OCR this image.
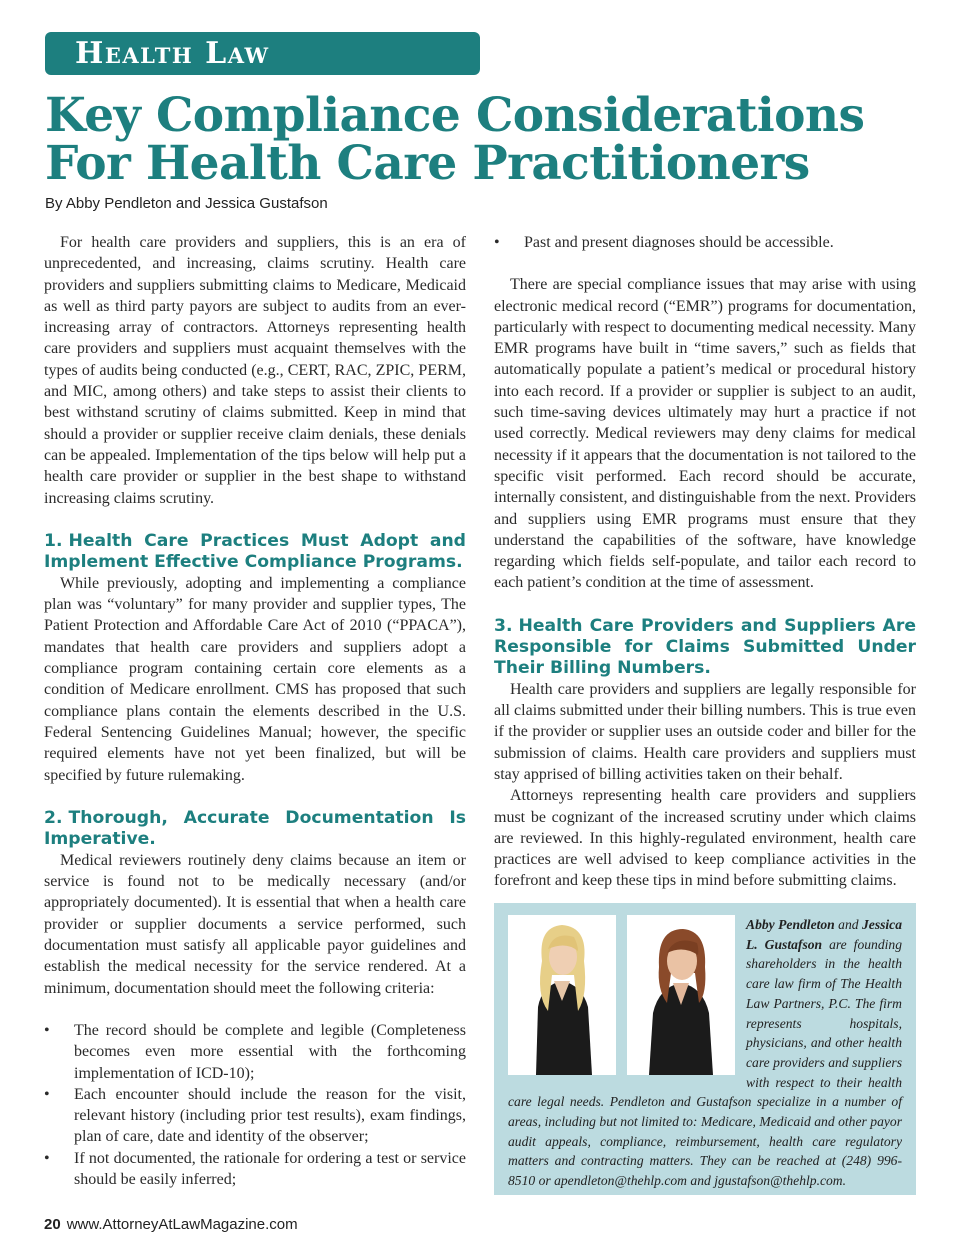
Health Law
Key Compliance Considerations For Health Care Practitioners
By Abby Pendleton and Jessica Gustafson

For health care providers and suppliers, this is an era of unprecedented, and increasing, claims scrutiny. Health care providers and suppliers submitting claims to Medicare, Medicaid as well as third party payors are subject to audits from an ever-increasing array of contractors. Attorneys representing health care providers and suppliers must acquaint themselves with the types of audits being conducted (e.g., CERT, RAC, ZPIC, PERM, and MIC, among others) and take steps to assist their clients to best withstand scrutiny of claims submitted. Keep in mind that should a provider or supplier receive claim denials, these denials can be appealed. Implementation of the tips below will help put a health care provider or supplier in the best shape to withstand increasing claims scrutiny.

1. Health Care Practices Must Adopt and Implement Effective Compliance Programs.

While previously, adopting and implementing a compliance plan was “voluntary” for many provider and supplier types, The Patient Protection and Affordable Care Act of 2010 (“PPACA”), mandates that health care providers and suppliers adopt a compliance program containing certain core elements as a condition of Medicare enrollment. CMS has proposed that such compliance plans contain the elements described in the U.S. Federal Sentencing Guidelines Manual; however, the specific required elements have not yet been finalized, but will be specified by future rulemaking.

2. Thorough, Accurate Documentation Is Imperative.

Medical reviewers routinely deny claims because an item or service is found not to be medically necessary (and/or appropriately documented). It is essential that when a health care provider or supplier documents a service performed, such documentation must satisfy all applicable payor guidelines and establish the medical necessity for the service rendered. At a minimum, documentation should meet the following criteria:

• The record should be complete and legible (Completeness becomes even more essential with the forthcoming implementation of ICD-10);
• Each encounter should include the reason for the visit, relevant history (including prior test results), exam findings, plan of care, date and identity of the observer;
• If not documented, the rationale for ordering a test or service should be easily inferred;
• Past and present diagnoses should be accessible.

There are special compliance issues that may arise with using electronic medical record (“EMR”) programs for documentation, particularly with respect to documenting medical necessity. Many EMR programs have built in “time savers,” such as fields that automatically populate a patient’s medical or procedural history into each record. If a provider or supplier is subject to an audit, such time-saving devices ultimately may hurt a practice if not used correctly. Medical reviewers may deny claims for medical necessity if it appears that the documentation is not tailored to the specific visit performed. Each record should be accurate, internally consistent, and distinguishable from the next. Providers and suppliers using EMR programs must ensure that they understand the capabilities of the software, have knowledge regarding which fields self-populate, and tailor each record to each patient’s condition at the time of assessment.

3. Health Care Providers and Suppliers Are Responsible for Claims Submitted Under Their Billing Numbers.

Health care providers and suppliers are legally responsible for all claims submitted under their billing numbers. This is true even if the provider or supplier uses an outside coder and biller for the submission of claims. Health care providers and suppliers must stay apprised of billing activities taken on their behalf.

Attorneys representing health care providers and suppliers must be cognizant of the increased scrutiny under which claims are reviewed. In this highly-regulated environment, health care practices are well advised to keep compliance activities in the forefront and keep these tips in mind before submitting claims.

Abby Pendleton and Jessica L. Gustafson are founding shareholders in the health care law firm of The Health Law Partners, P.C. The firm represents hospitals, physicians, and other health care providers and suppliers with respect to their health care legal needs. Pendleton and Gustafson specialize in a number of areas, including but not limited to: Medicare, Medicaid and other payor audit appeals, compliance, reimbursement, health care regulatory matters and contracting matters. They can be reached at (248) 996-8510 or apendleton@thehlp.com and jgustafson@thehlp.com.

20 www.AttorneyAtLawMagazine.com
